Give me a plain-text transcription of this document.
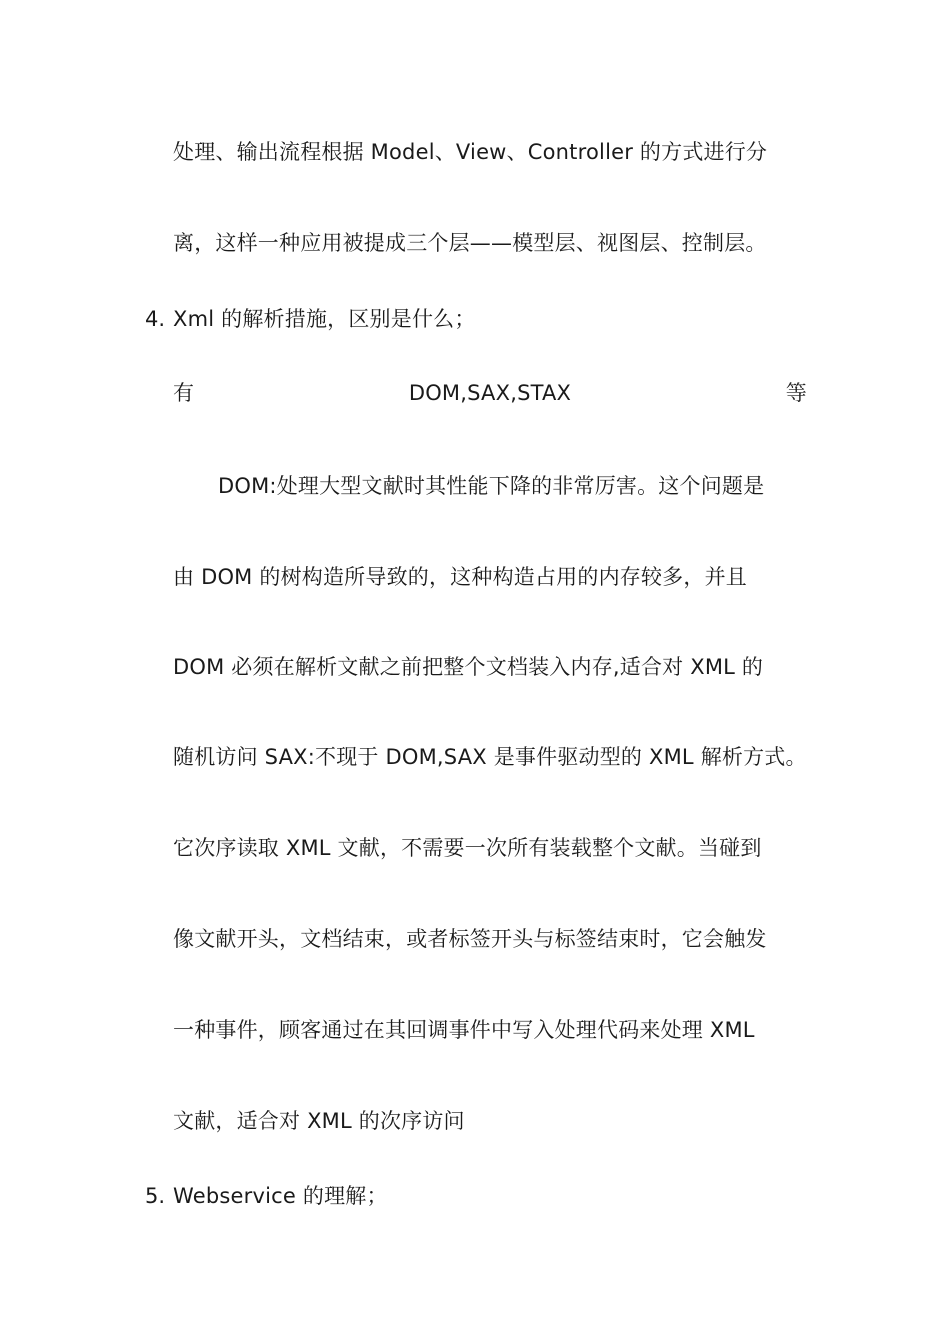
处理、输出流程根据 Model、View、Controller 的方式进行分
离，这样一种应用被提成三个层——模型层、视图层、控制层。
4. Xml 的解析措施，区别是什么；
有	DOM,SAX,STAX	等
DOM:处理大型文献时其性能下降的非常厉害。这个问题是
由 DOM 的树构造所导致的，这种构造占用的内存较多，并且
DOM 必须在解析文献之前把整个文档装入内存,适合对 XML 的
随机访问 SAX:不现于 DOM,SAX 是事件驱动型的 XML 解析方式。
它次序读取 XML 文献，不需要一次所有装载整个文献。当碰到
像文献开头，文档结束，或者标签开头与标签结束时，它会触发
一种事件，顾客通过在其回调事件中写入处理代码来处理 XML
文献，适合对 XML 的次序访问
5. Webservice 的理解；
